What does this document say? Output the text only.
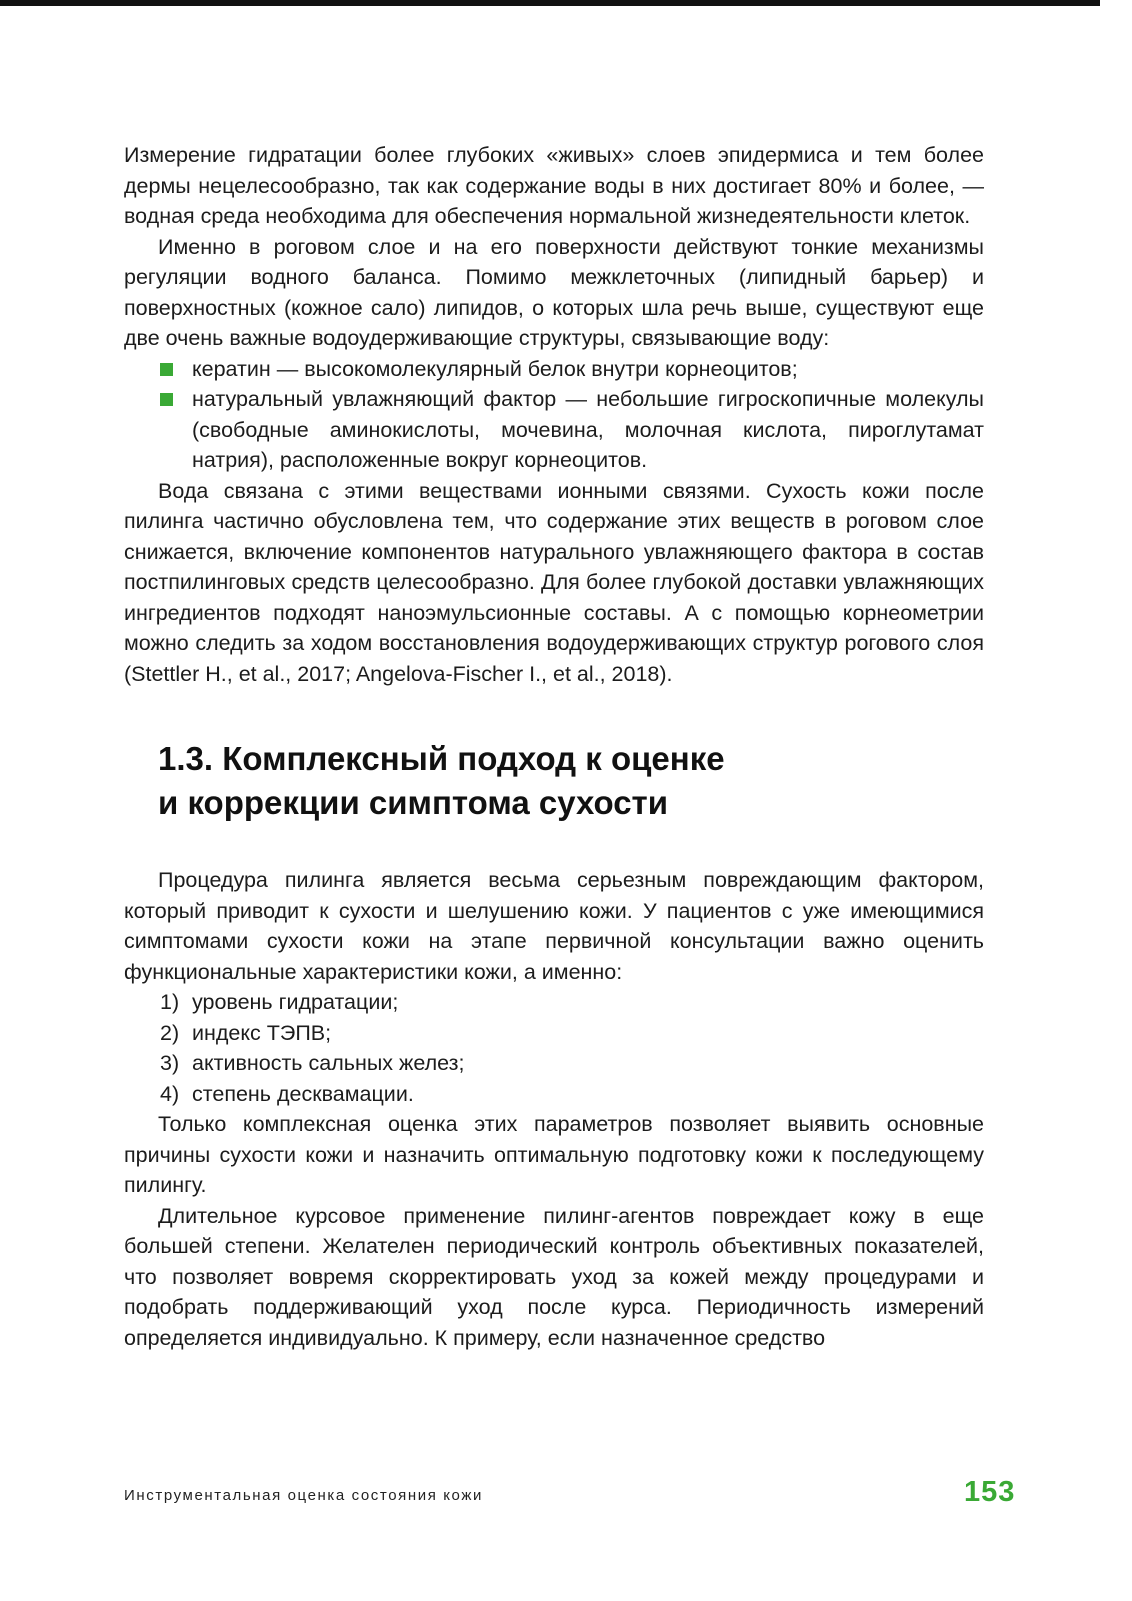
Измерение гидратации более глубоких «живых» слоев эпидермиса и тем более дермы нецелесообразно, так как содержание воды в них достигает 80% и более, — водная среда необходима для обеспечения нормальной жизнедеятельности клеток.

Именно в роговом слое и на его поверхности действуют тонкие механизмы регуляции водного баланса. Помимо межклеточных (липидный барьер) и поверхностных (кожное сало) липидов, о которых шла речь выше, существуют еще две очень важные водоудерживающие структуры, связывающие воду:

кератин — высокомолекулярный белок внутри корнеоцитов;
натуральный увлажняющий фактор — небольшие гигроскопичные молекулы (свободные аминокислоты, мочевина, молочная кислота, пироглутамат натрия), расположенные вокруг корнеоцитов.

Вода связана с этими веществами ионными связями. Сухость кожи после пилинга частично обусловлена тем, что содержание этих веществ в роговом слое снижается, включение компонентов натурального увлажняющего фактора в состав постпилинговых средств целесообразно. Для более глубокой доставки увлажняющих ингредиентов подходят наноэмульсионные составы. А с помощью корнеометрии можно следить за ходом восстановления водоудерживающих структур рогового слоя (Stettler H., et al., 2017; Angelova-Fischer I., et al., 2018).

1.3. Комплексный подход к оценке
и коррекции симптома сухости

Процедура пилинга является весьма серьезным повреждающим фактором, который приводит к сухости и шелушению кожи. У пациентов с уже имеющимися симптомами сухости кожи на этапе первичной консультации важно оценить функциональные характеристики кожи, а именно:

1) уровень гидратации;
2) индекс ТЭПВ;
3) активность сальных желез;
4) степень десквамации.

Только комплексная оценка этих параметров позволяет выявить основные причины сухости кожи и назначить оптимальную подготовку кожи к последующему пилингу.

Длительное курсовое применение пилинг-агентов повреждает кожу в еще большей степени. Желателен периодический контроль объективных показателей, что позволяет вовремя скорректировать уход за кожей между процедурами и подобрать поддерживающий уход после курса. Периодичность измерений определяется индивидуально. К примеру, если назначенное средство

Инструментальная оценка состояния кожи	153
